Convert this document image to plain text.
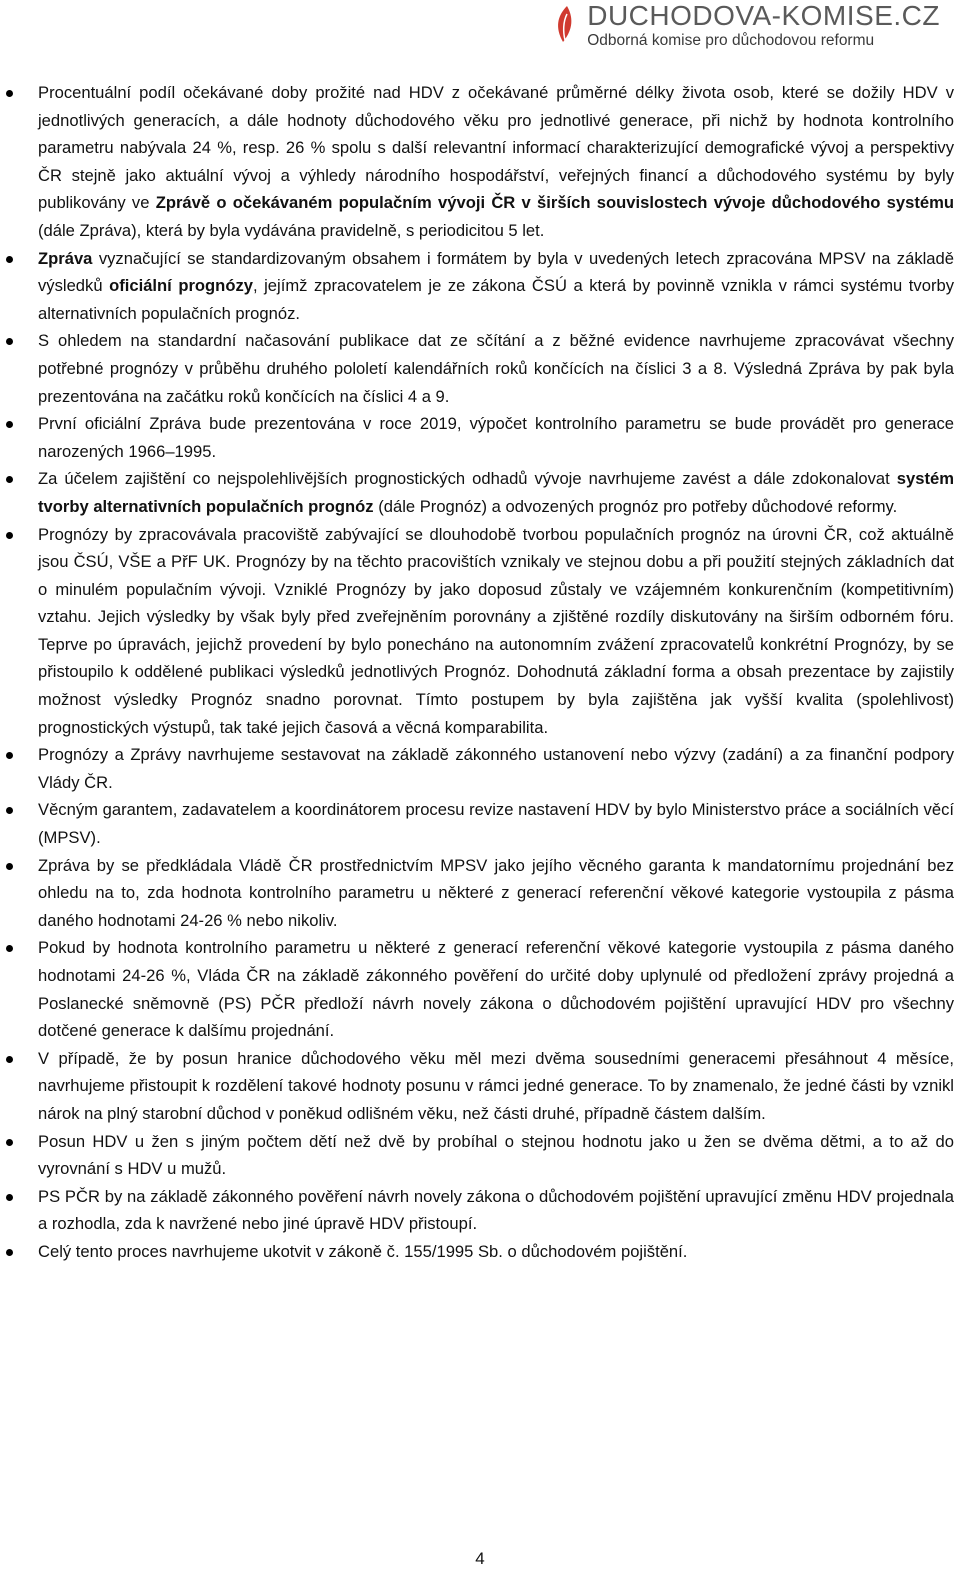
DUCHODOVA-KOMISE.CZ
Odborná komise pro důchodovou reformu
Procentuální podíl očekávané doby prožité nad HDV z očekávané průměrné délky života osob, které se dožily HDV v jednotlivých generacích, a dále hodnoty důchodového věku pro jednotlivé generace, při nichž by hodnota kontrolního parametru nabývala 24 %, resp. 26 % spolu s další relevantní informací charakterizující demografické vývoj a perspektivy ČR stejně jako aktuální vývoj a výhledy národního hospodářství, veřejných financí a důchodového systému by byly publikovány ve Zprávě o očekávaném populačním vývoji ČR v širších souvislostech vývoje důchodového systému (dále Zpráva), která by byla vydávána pravidelně, s periodicitou 5 let.
Zpráva vyznačující se standardizovaným obsahem i formátem by byla v uvedených letech zpracována MPSV na základě výsledků oficiální prognózy, jejímž zpracovatelem je ze zákona ČSÚ a která by povinně vznikla v rámci systému tvorby alternativních populačních prognóz.
S ohledem na standardní načasování publikace dat ze sčítání a z běžné evidence navrhujeme zpracovávat všechny potřebné prognózy v průběhu druhého pololetí kalendářních roků končících na číslici 3 a 8. Výsledná Zpráva by pak byla prezentována na začátku roků končících na číslici 4 a 9.
První oficiální Zpráva bude prezentována v roce 2019, výpočet kontrolního parametru se bude provádět pro generace narozených 1966–1995.
Za účelem zajištění co nejspolehlivějších prognostických odhadů vývoje navrhujeme zavést a dále zdokonalovat systém tvorby alternativních populačních prognóz (dále Prognóz) a odvozených prognóz pro potřeby důchodové reformy.
Prognózy by zpracovávala pracoviště zabývající se dlouhodobě tvorbou populačních prognóz na úrovni ČR, což aktuálně jsou ČSÚ, VŠE a PřF UK. Prognózy by na těchto pracovištích vznikaly ve stejnou dobu a při použití stejných základních dat o minulém populačním vývoji. Vzniklé Prognózy by jako doposud zůstaly ve vzájemném konkurenčním (kompetitivním) vztahu. Jejich výsledky by však byly před zveřejněním porovnány a zjištěné rozdíly diskutovány na širším odborném fóru. Teprve po úpravách, jejichž provedení by bylo ponecháno na autonomním zvážení zpracovatelů konkrétní Prognózy, by se přistoupilo k oddělené publikaci výsledků jednotlivých Prognóz. Dohodnutá základní forma a obsah prezentace by zajistily možnost výsledky Prognóz snadno porovnat. Tímto postupem by byla zajištěna jak vyšší kvalita (spolehlivost) prognostických výstupů, tak také jejich časová a věcná komparabilita.
Prognózy a Zprávy navrhujeme sestavovat na základě zákonného ustanovení nebo výzvy (zadání) a za finanční podpory Vlády ČR.
Věcným garantem, zadavatelem a koordinátorem procesu revize nastavení HDV by bylo Ministerstvo práce a sociálních věcí (MPSV).
Zpráva by se předkládala Vládě ČR prostřednictvím MPSV jako jejího věcného garanta k mandatornímu projednání bez ohledu na to, zda hodnota kontrolního parametru u některé z generací referenční věkové kategorie vystoupila z pásma daného hodnotami 24-26 % nebo nikoliv.
Pokud by hodnota kontrolního parametru u některé z generací referenční věkové kategorie vystoupila z pásma daného hodnotami 24-26 %, Vláda ČR na základě zákonného pověření do určité doby uplynulé od předložení zprávy projedná a Poslanecké sněmovně (PS) PČR předloží návrh novely zákona o důchodovém pojištění upravující HDV pro všechny dotčené generace k dalšímu projednání.
V případě, že by posun hranice důchodového věku měl mezi dvěma sousedními generacemi přesáhnout 4 měsíce, navrhujeme přistoupit k rozdělení takové hodnoty posunu v rámci jedné generace. To by znamenalo, že jedné části by vznikl nárok na plný starobní důchod v poněkud odlišném věku, než části druhé, případně částem dalším.
Posun HDV u žen s jiným počtem dětí než dvě by probíhal o stejnou hodnotu jako u žen se dvěma dětmi, a to až do vyrovnání s HDV u mužů.
PS PČR by na základě zákonného pověření návrh novely zákona o důchodovém pojištění upravující změnu HDV projednala a rozhodla, zda k navržené nebo jiné úpravě HDV přistoupí.
Celý tento proces navrhujeme ukotvit v zákoně č. 155/1995 Sb. o důchodovém pojištění.
4
